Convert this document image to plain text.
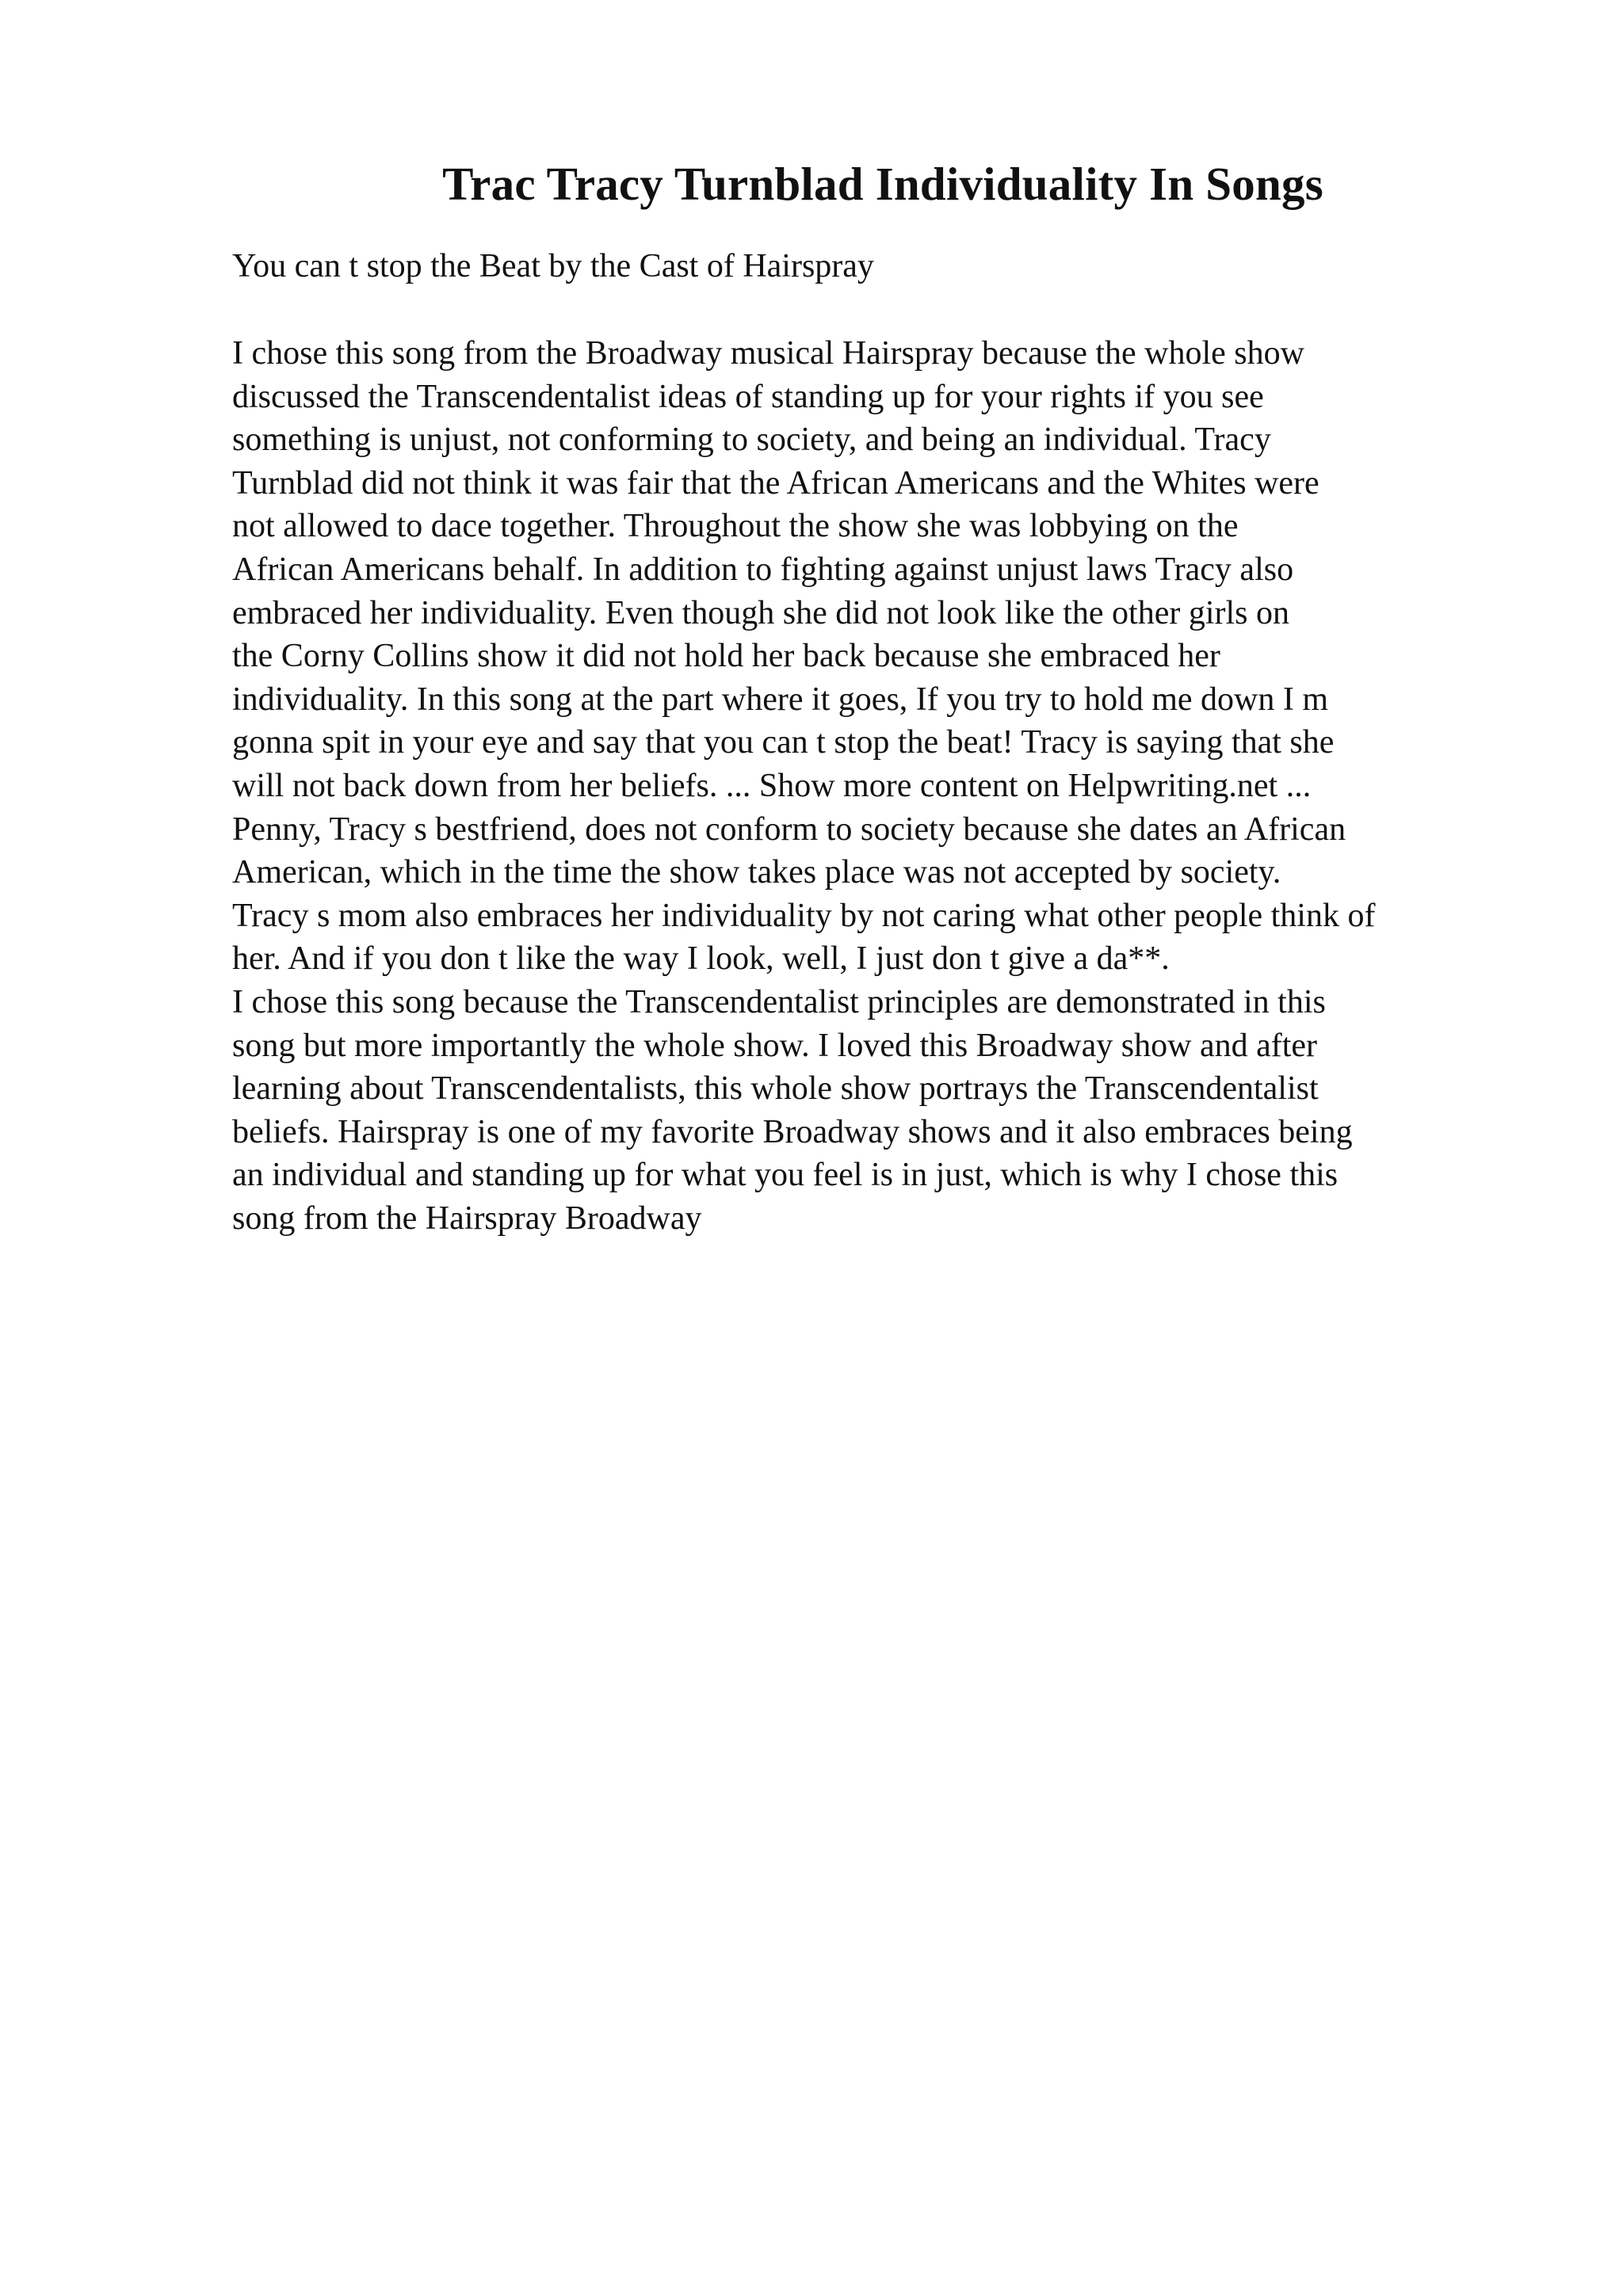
Trac Tracy Turnblad Individuality In Songs

You can t stop the Beat by the Cast of Hairspray

I chose this song from the Broadway musical Hairspray because the whole show
discussed the Transcendentalist ideas of standing up for your rights if you see
something is unjust, not conforming to society, and being an individual. Tracy
Turnblad did not think it was fair that the African Americans and the Whites were
not allowed to dace together. Throughout the show she was lobbying on the
African Americans behalf. In addition to fighting against unjust laws Tracy also
embraced her individuality. Even though she did not look like the other girls on
the Corny Collins show it did not hold her back because she embraced her
individuality. In this song at the part where it goes, If you try to hold me down I m
gonna spit in your eye and say that you can t stop the beat! Tracy is saying that she
will not back down from her beliefs. ... Show more content on Helpwriting.net ...
Penny, Tracy s bestfriend, does not conform to society because she dates an African
American, which in the time the show takes place was not accepted by society.
Tracy s mom also embraces her individuality by not caring what other people think of
her. And if you don t like the way I look, well, I just don t give a da**.
I chose this song because the Transcendentalist principles are demonstrated in this
song but more importantly the whole show. I loved this Broadway show and after
learning about Transcendentalists, this whole show portrays the Transcendentalist
beliefs. Hairspray is one of my favorite Broadway shows and it also embraces being
an individual and standing up for what you feel is in just, which is why I chose this
song from the Hairspray Broadway
